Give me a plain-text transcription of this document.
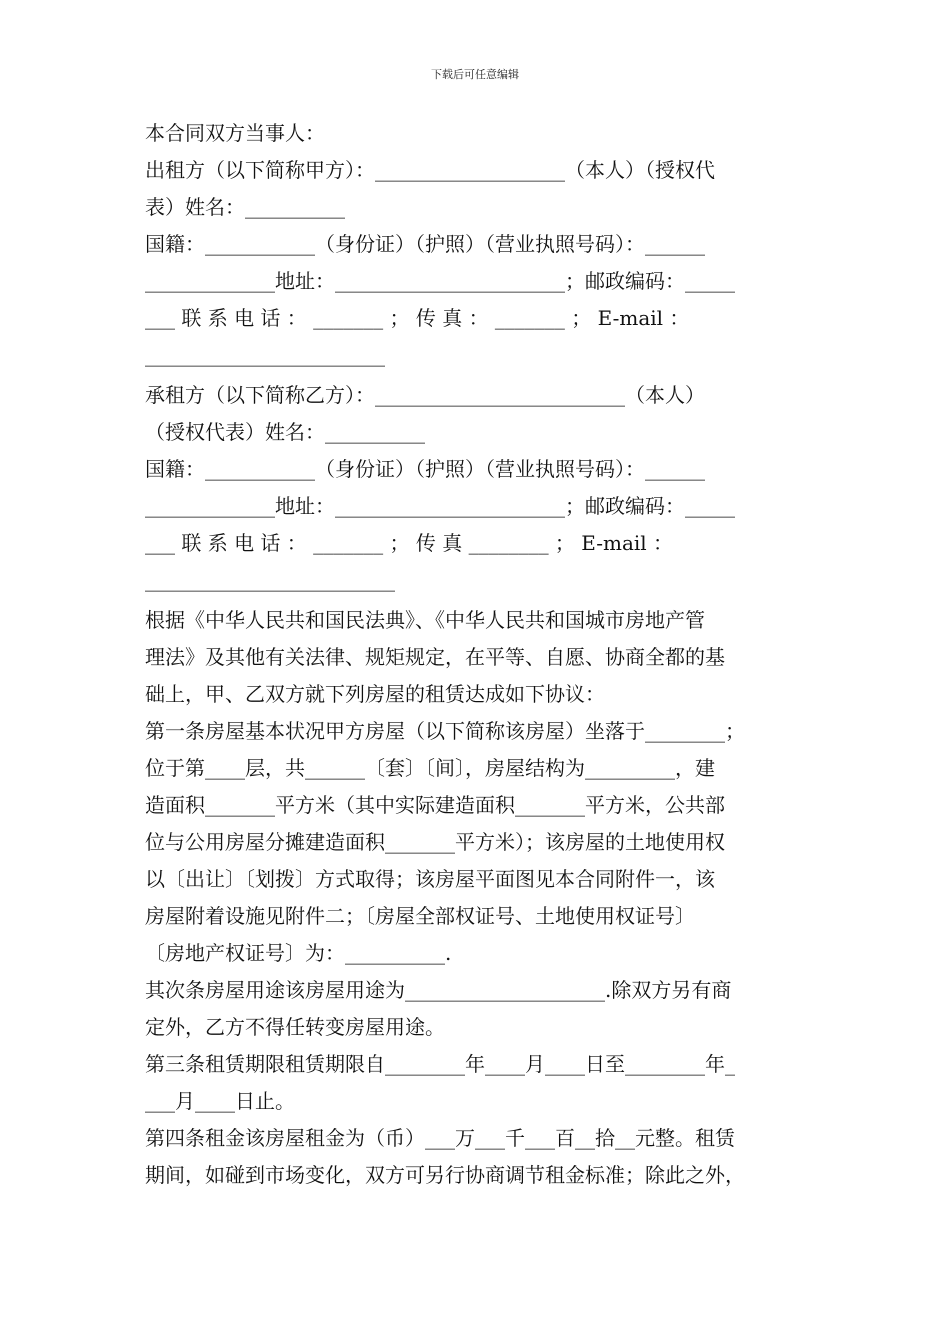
下载后可任意编辑
本合同双方当事人：
出租方（以下简称甲方）：___________________（本人）（授权代
表）姓名：__________
国籍：___________（身份证）（护照）（营业执照号码）：______
_____________地址：_______________________；邮政编码：_____
___ 联 系 电 话 ： _______ ； 传 真 ： _______ ； E-mail ：
________________________
承租方（以下简称乙方）：_________________________（本人）
（授权代表）姓名：__________
国籍：___________（身份证）（护照）（营业执照号码）：______
_____________地址：_______________________；邮政编码：_____
___ 联 系 电 话 ： _______ ； 传 真 ________ ； E-mail ：
_________________________
根据《中华人民共和国民法典》、《中华人民共和国城市房地产管
理法》及其他有关法律、规矩规定，在平等、自愿、协商全都的基
础上，甲、乙双方就下列房屋的租赁达成如下协议：
第一条房屋基本状况甲方房屋（以下简称该房屋）坐落于________；
位于第____层，共______〔套〕〔间〕，房屋结构为_________，建
造面积_______平方米（其中实际建造面积_______平方米，公共部
位与公用房屋分摊建造面积_______平方米）；该房屋的土地使用权
以〔出让〕〔划拨〕方式取得；该房屋平面图见本合同附件一，该
房屋附着设施见附件二；〔房屋全部权证号、土地使用权证号〕
〔房地产权证号〕为：__________.
其次条房屋用途该房屋用途为____________________.除双方另有商
定外，乙方不得任转变房屋用途。
第三条租赁期限租赁期限自________年____月____日至________年_
___月____日止。
第四条租金该房屋租金为（币）___万___千___百__拾__元整。租赁
期间，如碰到市场变化，双方可另行协商调节租金标准；除此之外，
